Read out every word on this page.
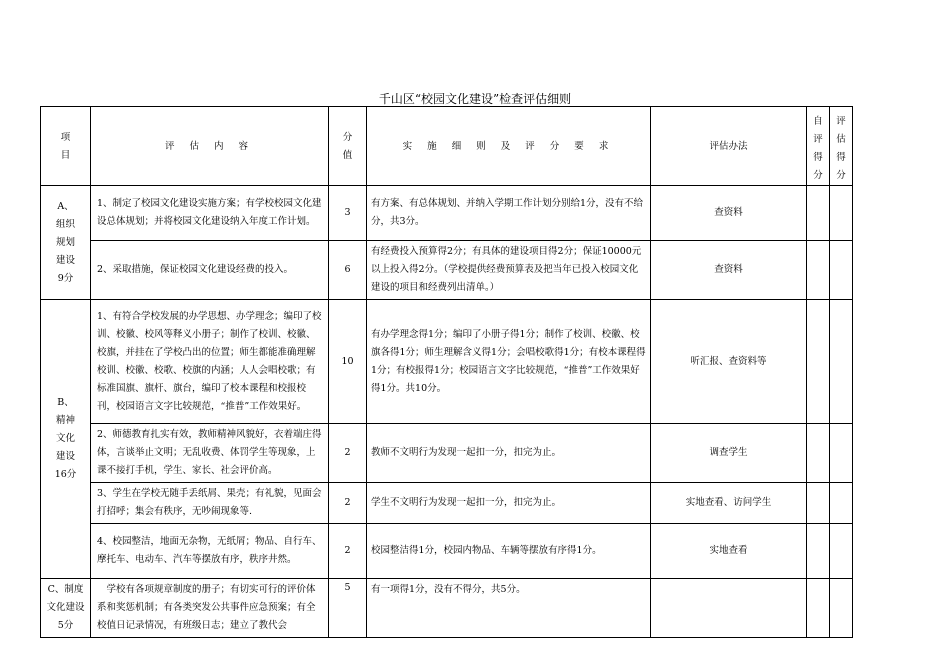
千山区“校园文化建设”检查评估细则
项目	评 估 内 容	分值	实 施 细 则 及 评 分 要 求	评估办法	自评得分	评估得分

A、组织规划建设9分	1、制定了校园文化建设实施方案；有学校校园文化建设总体规划；并将校园文化建设纳入年度工作计划。	3	有方案、有总体规划、并纳入学期工作计划分别给1分，没有不给分，共3分。	查资料		
	2、采取措施，保证校园文化建设经费的投入。	6	有经费投入预算得2分；有具体的建设项目得2分；保证10000元以上投入得2分。（学校提供经费预算表及把当年已投入校园文化建设的项目和经费列出清单。）	查资料		

B、精神文化建设16分	1、有符合学校发展的办学思想、办学理念；编印了校训、校徽、校风等释义小册子；制作了校训、校徽、校旗，并挂在了学校凸出的位置；师生都能准确理解校训、校徽、校歌、校旗的内涵；人人会唱校歌；有标准国旗、旗杆、旗台，编印了校本课程和校报校刊，校园语言文字比较规范，“推普”工作效果好。	10	有办学理念得1分；编印了小册子得1分；制作了校训、校徽、校旗各得1分；师生理解含义得1分；会唱校歌得1分；有校本课程得1分；有校报得1分；校园语言文字比较规范，“推普”工作效果好得1分。共10分。	听汇报、查资料等		
	2、师德教育扎实有效，教师精神风貌好，衣着端庄得体，言谈举止文明；无乱收费、体罚学生等现象，上课不接打手机，学生、家长、社会评价高。	2	教师不文明行为发现一起扣一分，扣完为止。	调查学生		
	3、学生在学校无随手丢纸屑、果壳；有礼貌，见面会打招呼；集会有秩序，无吵闹现象等.	2	学生不文明行为发现一起扣一分，扣完为止。	实地查看、访问学生		
	4、校园整洁，地面无杂物，无纸屑；物品、自行车、摩托车、电动车、汽车等摆放有序，秩序井然。	2	校园整洁得1分，校园内物品、车辆等摆放有序得1分。	实地查看		

C、制度文化建设5分	　学校有各项规章制度的册子；有切实可行的评价体系和奖惩机制；有各类突发公共事件应急预案；有全校值日记录情况，有班级日志；建立了教代会	5	有一项得1分，没有不得分，共5分。			
